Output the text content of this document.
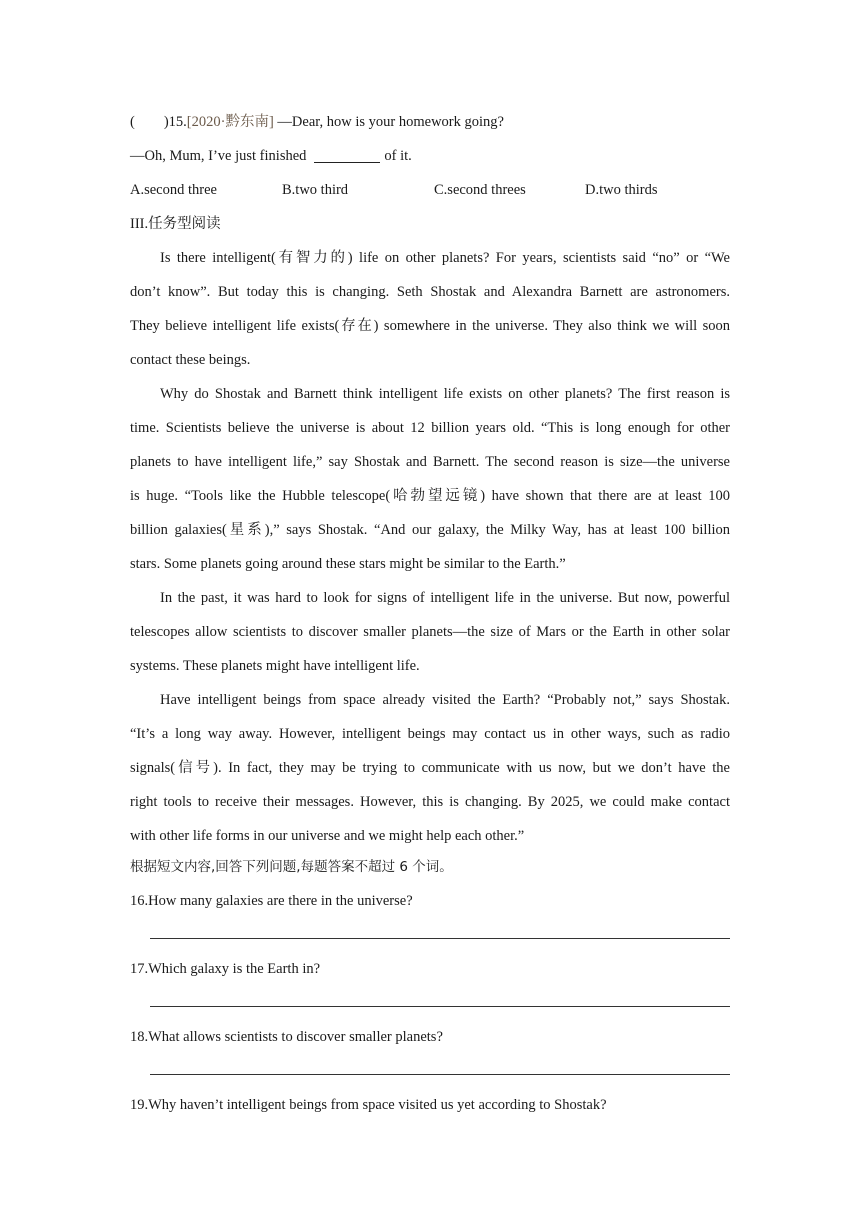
(        )15.[2020·黔东南] —Dear, how is your homework going?
—Oh, Mum, I’ve just finished	of it.
A.second three	B.two third	C.second threes	D.two thirds
III.任务型阅读
Is there intelligent(有智力的) life on other planets? For years, scientists said “no” or “We
don’t know”. But today this is changing. Seth Shostak and Alexandra Barnett are astronomers.
They believe intelligent life exists(存在) somewhere in the universe. They also think we will soon
contact these beings.
Why do Shostak and Barnett think intelligent life exists on other planets? The first reason is
time. Scientists believe the universe is about 12 billion years old. “This is long enough for other
planets to have intelligent life,” say Shostak and Barnett. The second reason is size—the universe
is huge. “Tools like the Hubble telescope(哈勃望远镜) have shown that there are at least 100
billion galaxies(星系),” says Shostak. “And our galaxy, the Milky Way, has at least 100 billion
stars. Some planets going around these stars might be similar to the Earth.”
In the past, it was hard to look for signs of intelligent life in the universe. But now, powerful
telescopes allow scientists to discover smaller planets—the size of Mars or the Earth in other solar
systems. These planets might have intelligent life.
Have intelligent beings from space already visited the Earth? “Probably not,” says Shostak.
“It’s a long way away. However, intelligent beings may contact us in other ways, such as radio
signals(信号). In fact, they may be trying to communicate with us now, but we don’t have the
right tools to receive their messages. However, this is changing. By 2025, we could make contact
with other life forms in our universe and we might help each other.”
根据短文内容,回答下列问题,每题答案不超过 6 个词。
16.How many galaxies are there in the universe?
17.Which galaxy is the Earth in?
18.What allows scientists to discover smaller planets?
19.Why haven’t intelligent beings from space visited us yet according to Shostak?
